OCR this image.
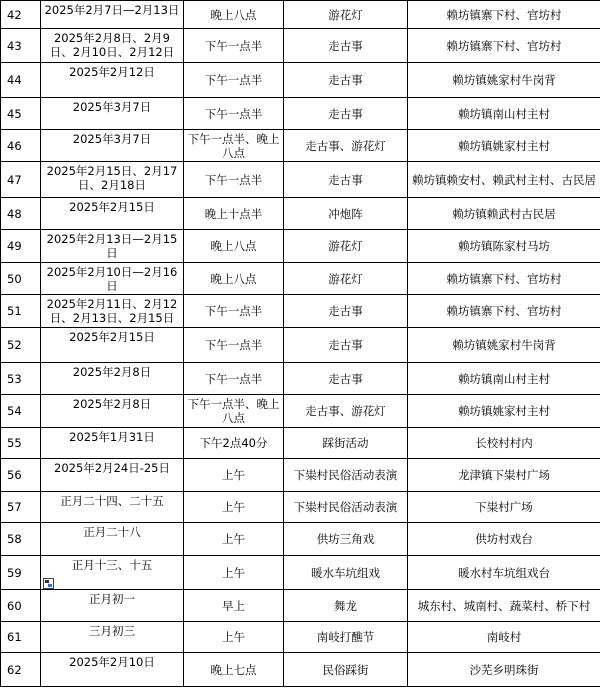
42	2025年2月7日—2月13日	晚上八点	游花灯	赖坊镇寨下村、官坊村
43	2025年2月8日、2月9日、2月10日、2月12日	下午一点半	走古事	赖坊镇寨下村、官坊村
44	2025年2月12日	下午一点半	走古事	赖坊镇姚家村牛岗背
45	2025年3月7日	下午一点半	走古事	赖坊镇南山村主村
46	2025年3月7日	下午一点半、晚上八点	走古事、游花灯	赖坊镇姚家村主村
47	2025年2月15日、2月17日、2月18日	下午一点半	走古事	赖坊镇赖安村、赖武村主村、古民居
48	2025年2月15日	晚上十点半	冲炮阵	赖坊镇赖武村古民居
49	2025年2月13日—2月15日	晚上八点	游花灯	赖坊镇陈家村马坊
50	2025年2月10日—2月16日	晚上八点	游花灯	赖坊镇寨下村、官坊村
51	2025年2月11日、2月12日、2月13日、2月15日	下午一点半	走古事	赖坊镇寨下村、官坊村
52	2025年2月15日	下午一点半	走古事	赖坊镇姚家村牛岗背
53	2025年2月8日	下午一点半	走古事	赖坊镇南山村主村
54	2025年2月8日	下午一点半、晚上八点	走古事、游花灯	赖坊镇姚家村主村
55	2025年1月31日	下午2点40分	踩街活动	长校村村内
56	2025年2月24日-25日	上午	下粜村民俗活动表演	龙津镇下粜村广场
57	正月二十四、二十五	上午	下粜村民俗活动表演	下粜村广场
58	正月二十八	上午	供坊三角戏	供坊村戏台
59	正月十三、十五	上午	暖水车坑组戏	暖水村车坑组戏台
60	正月初一	早上	舞龙	城东村、城南村、蔬菜村、桥下村
61	三月初三	上午	南岐打醮节	南岐村
62	2025年2月10日	晚上七点	民俗踩街	沙芜乡明珠街
